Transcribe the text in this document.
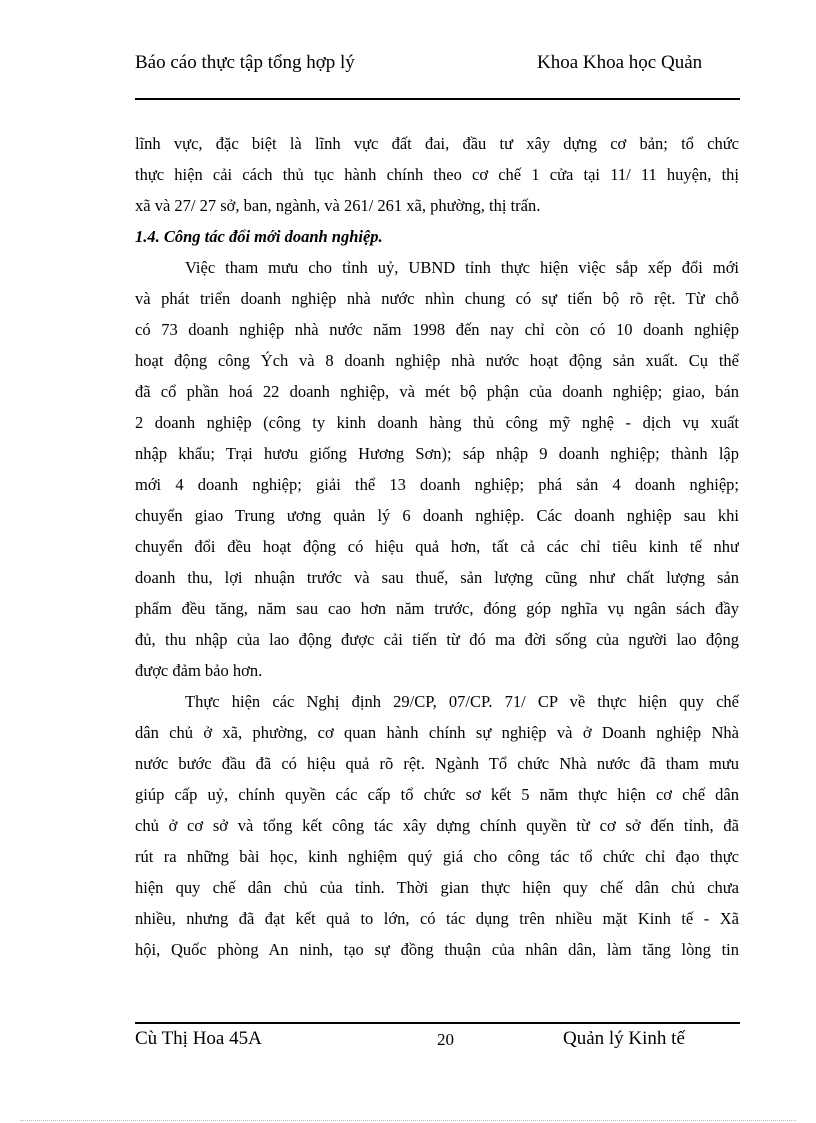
Báo cáo thực tập tổng hợp lý	Khoa Khoa học Quản
lĩnh vực, đặc biệt là lĩnh vực đất đai, đầu tư xây dựng cơ bản; tổ chức
thực hiện cải cách thủ tục hành chính theo cơ chế 1 cửa tại 11/ 11 huyện, thị
xã và 27/ 27 sở, ban, ngành, và 261/ 261 xã, phường, thị trấn.
1.4. Công tác đổi mới doanh nghiệp.
Việc tham mưu cho tỉnh uỷ, UBND tỉnh thực hiện việc sắp xếp đổi mới
và phát triển doanh nghiệp nhà nước nhìn chung có sự tiến bộ rõ rệt. Từ chỗ
có 73 doanh nghiệp nhà nước năm 1998 đến nay chỉ còn có 10 doanh nghiệp
hoạt động công Ých và 8 doanh nghiệp nhà nước hoạt động sản xuất. Cụ thể
đã cổ phần hoá 22 doanh nghiệp, và mét bộ phận của doanh nghiệp; giao, bán
2 doanh nghiệp (công ty kinh doanh hàng thủ công mỹ nghệ - dịch vụ xuất
nhập khẩu; Trại hươu giống Hương Sơn); sáp nhập 9 doanh nghiệp; thành lập
mới 4 doanh nghiệp; giải thể 13 doanh nghiệp; phá sản 4 doanh nghiệp;
chuyển giao Trung ương quản lý 6 doanh nghiệp. Các doanh nghiệp sau khi
chuyển đổi đều hoạt động có hiệu quả hơn, tất cả các chỉ tiêu kinh tế như
doanh thu, lợi nhuận trước và sau thuế, sản lượng cũng như chất lượng sản
phẩm đều tăng, năm sau cao hơn năm trước, đóng góp nghĩa vụ ngân sách đầy
đủ, thu nhập của lao động được cải tiến từ đó ma đời sống của người lao động
được đảm bảo hơn.
Thực hiện các Nghị định 29/CP, 07/CP. 71/ CP về thực hiện quy chế
dân chủ ở xã, phường, cơ quan hành chính sự nghiệp và ở Doanh nghiệp Nhà
nước bước đầu đã có hiệu quả rõ rệt. Ngành Tổ chức Nhà nước đã tham mưu
giúp cấp uỷ, chính quyền các cấp tổ chức sơ kết 5 năm thực hiện cơ chế dân
chủ ở cơ sở và tổng kết công tác xây dựng chính quyền từ cơ sở đến tỉnh, đã
rút ra những bài học, kinh nghiệm quý giá cho công tác tổ chức chỉ đạo thực
hiện quy chế dân chủ của tỉnh. Thời gian thực hiện quy chế dân chủ chưa
nhiều, nhưng đã đạt kết quả to lớn, có tác dụng trên nhiều mặt Kinh tế - Xã
hội, Quốc phòng An ninh, tạo sự đồng thuận của nhân dân, làm tăng lòng tin
Cù Thị Hoa 45A	20	Quản lý Kinh tế
